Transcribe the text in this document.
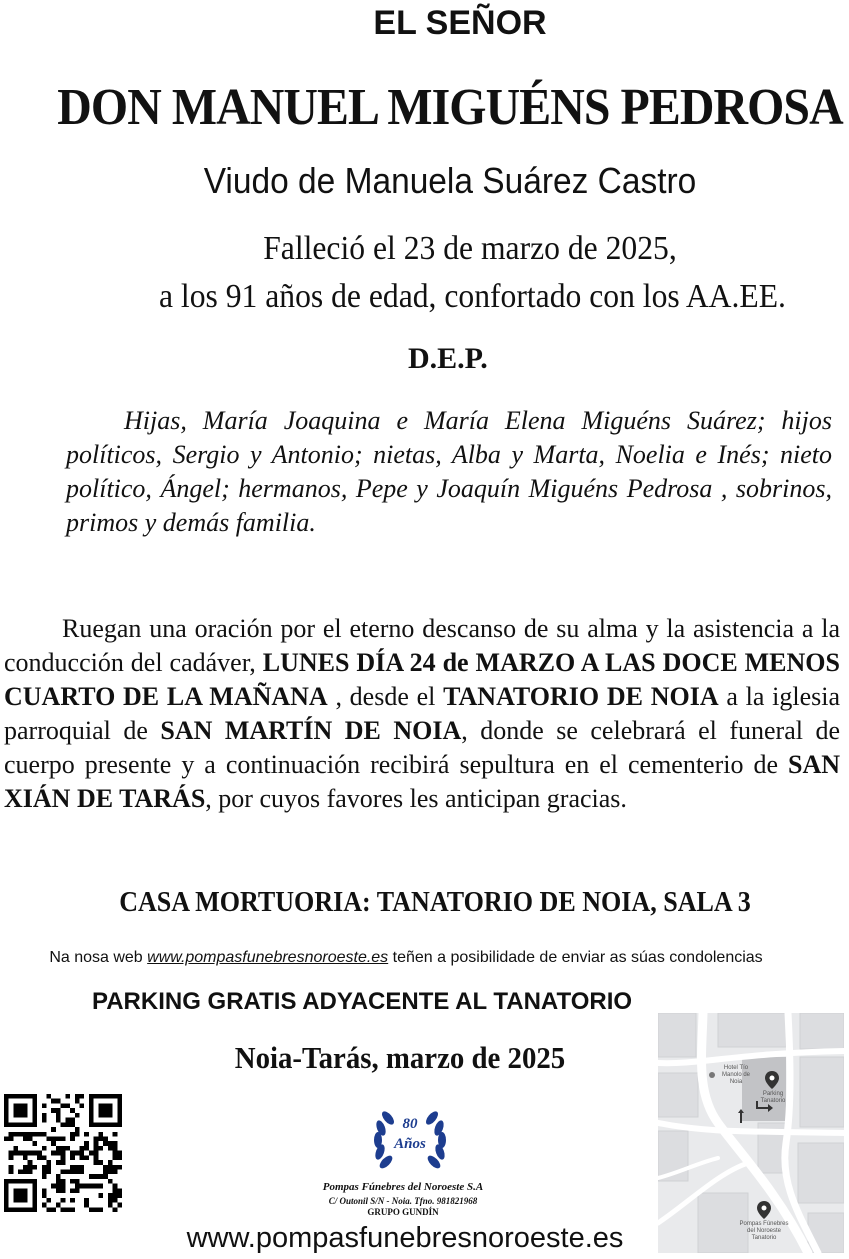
EL SEÑOR
DON MANUEL MIGUÉNS PEDROSA
Viudo de Manuela Suárez Castro
Falleció el 23 de marzo de 2025,
a los 91 años de edad, confortado con los AA.EE.
D.E.P.
Hijas, María Joaquina e María Elena Miguéns Suárez; hijos políticos, Sergio y Antonio; nietas, Alba y Marta, Noelia e Inés; nieto político, Ángel; hermanos, Pepe y Joaquín Miguéns Pedrosa , sobrinos, primos y demás familia.
Ruegan una oración por el eterno descanso de su alma y la asistencia a la conducción del cadáver, LUNES DÍA 24 de MARZO A LAS DOCE MENOS CUARTO DE LA MAÑANA , desde el TANATORIO DE NOIA a la iglesia parroquial de SAN MARTÍN DE NOIA, donde se celebrará el funeral de cuerpo presente y a continuación recibirá sepultura en el cementerio de SAN XIÁN DE TARÁS, por cuyos favores les anticipan gracias.
CASA MORTUORIA: TANATORIO DE NOIA, SALA 3
Na nosa web www.pompasfunebresnoroeste.es teñen a posibilidade de enviar as súas condolencias
PARKING GRATIS ADYACENTE AL TANATORIO
Noia-Tarás, marzo de 2025
80
Años
Pompas Fúnebres del Noroeste S.A
C/ Outonil S/N - Noia. Tfno. 981821968
GRUPO GUNDÍN
www.pompasfunebresnoroeste.es
Hotel Tío
Manolo de Noia
Parking
Tanatorio
Pompas Fúnebres
del Noroeste
Tanatorio
